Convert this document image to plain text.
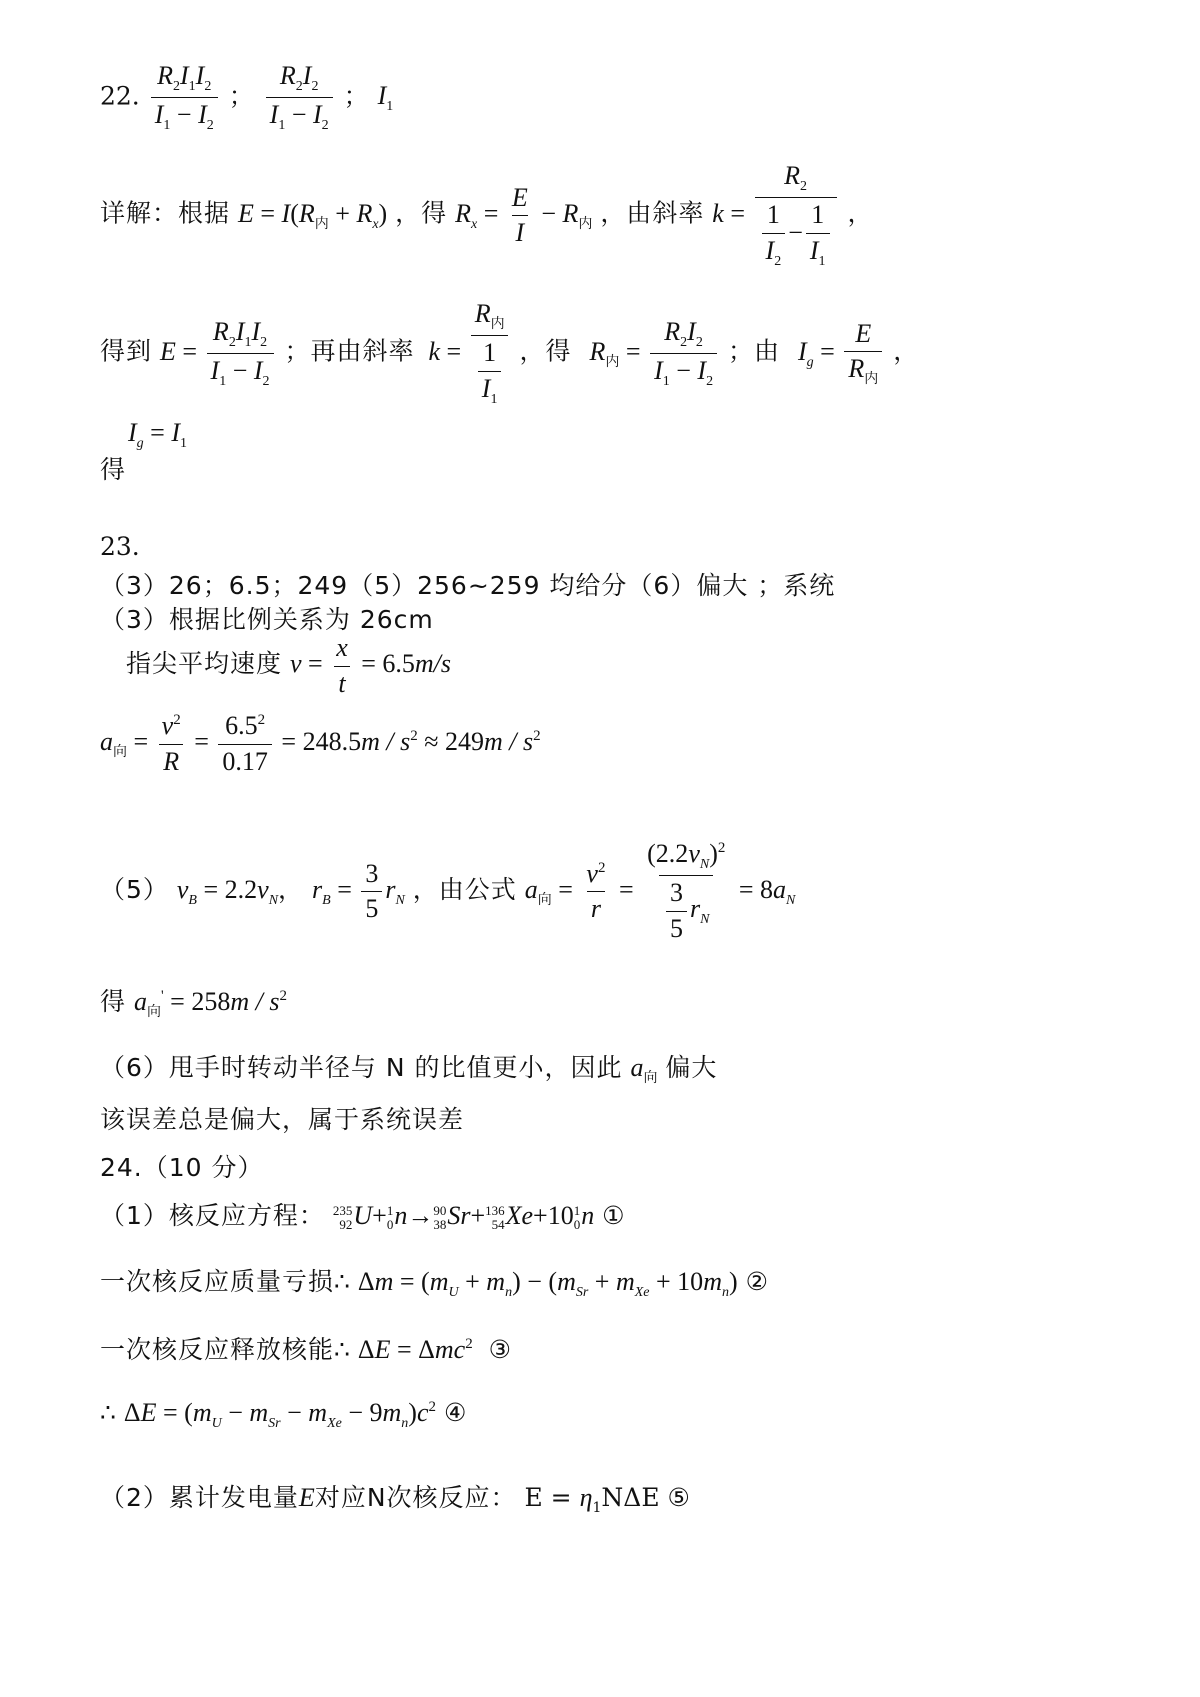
22. $\frac{R_2I_1I_2}{I_1 - I_2}$ ； $\frac{R_2I_2}{I_1 - I_2}$ ； $I_1$
详解：根据 $E = I(R_内 + R_x)$ ，得 $R_x = \frac{E}{I} - R_内$ ，由斜率 $k = \frac{R_2}{\frac{1}{I_2} - \frac{1}{I_1}}$ ，
得到 $E = \frac{R_2I_1I_2}{I_1 - I_2}$ ；再由斜率 $k = \frac{R_内}{\frac{1}{I_1}}$ ，得 $R_内 = \frac{R_2I_2}{I_1 - I_2}$ ；由 $I_g = \frac{E}{R_内}$ ，
$I_g = I_1$
得
23.
（3）26；6.5；249（5）256~259 均给分（6）偏大 ；系统
（3）根据比例关系为 26cm
指尖平均速度 $v = \frac{x}{t} = 6.5m/s$
$a_向 = \frac{v^2}{R} = \frac{6.5^2}{0.17} = 248.5m / s^2 \approx 249m / s^2$
（5） $v_B = 2.2v_N$， $r_B = \frac{3}{5} r_N$ ，由公式 $a_向 = \frac{v^2}{r} = \frac{(2.2v_N)^2}{\frac{3}{5} r_N} = 8a_N$
得 $a_向' = 258m / s^2$
（6）甩手时转动半径与 N 的比值更小，因此 $a_向$ 偏大
该误差总是偏大，属于系统误差
24.（10 分）
（1）核反应方程： 235
92 U+ 1
0 n→ 90
38 Sr+ 136
54 Xe+10 1
0 n ①
一次核反应质量亏损∴ $\Delta m = (m_U + m_n) - (m_{Sr} + m_{Xe} + 10m_n)$ ②
一次核反应释放核能∴ ΔE = Δmc$^2$ ③
∴ $\Delta E = (m_U - m_{Sr} - m_{Xe} - 9m_n)c^2$ ④
（2）累计发电量E对应N次核反应： $E = \eta_1N\Delta E$ ⑤
